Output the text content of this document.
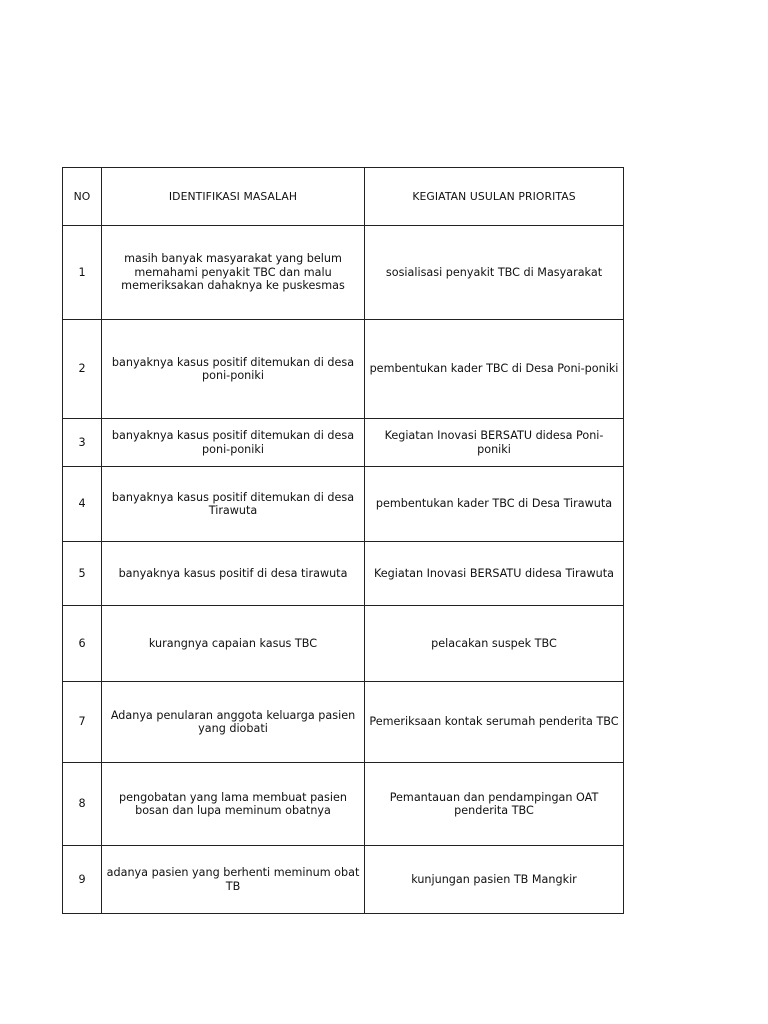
NO	IDENTIFIKASI MASALAH	KEGIATAN USULAN PRIORITAS
1	masih banyak masyarakat yang belum memahami penyakit TBC dan malu memeriksakan dahaknya ke puskesmas	sosialisasi penyakit TBC di Masyarakat
2	banyaknya kasus positif ditemukan di desa poni-poniki	pembentukan kader TBC di Desa Poni-poniki
3	banyaknya kasus positif ditemukan di desa poni-poniki	Kegiatan Inovasi BERSATU didesa Poni-poniki
4	banyaknya kasus positif ditemukan di desa Tirawuta	pembentukan kader TBC di Desa Tirawuta
5	banyaknya kasus positif di desa tirawuta	Kegiatan Inovasi BERSATU didesa Tirawuta
6	kurangnya capaian kasus TBC	pelacakan suspek TBC
7	Adanya penularan anggota keluarga pasien yang diobati	Pemeriksaan kontak serumah penderita TBC
8	pengobatan yang lama membuat pasien bosan dan lupa meminum obatnya	Pemantauan dan pendampingan OAT penderita TBC
9	adanya pasien yang berhenti meminum obat TB	kunjungan pasien TB Mangkir
